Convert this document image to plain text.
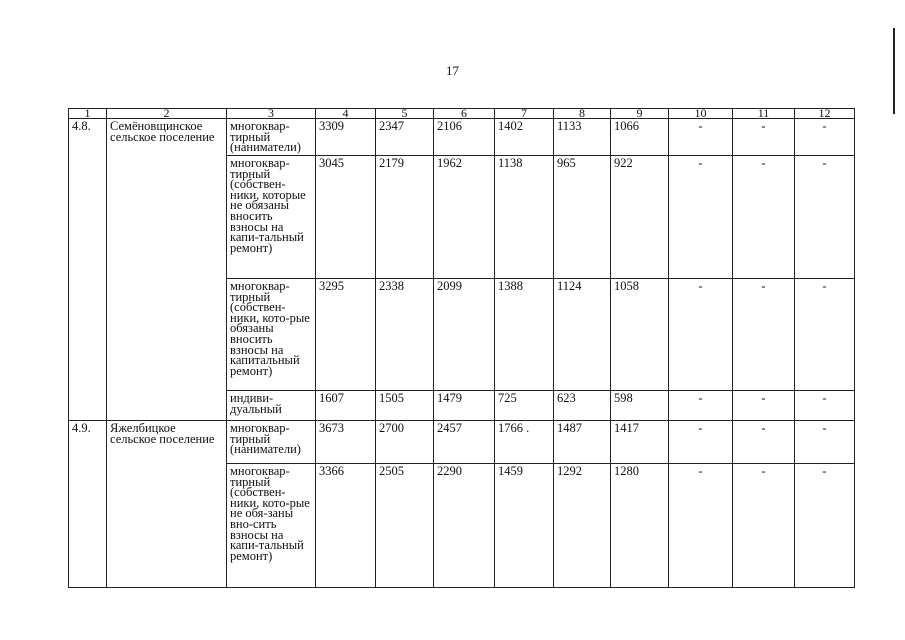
17
1	2	3	4	5	6	7	8	9	10	11	12
4.8.	Семёновщинское сельское поселение	многоквар-тирный (наниматели)	3309	2347	2106	1402	1133	1066	-	-	-
		многоквар-тирный (собствен-ники, которые не обязаны вносить взносы на капи-тальный ремонт)	3045	2179	1962	1138	965	922	-	-	-
		многоквар-тирный (собствен-ники, кото-рые обязаны вносить взносы на капитальный ремонт)	3295	2338	2099	1388	1124	1058	-	-	-
		индиви-дуальный	1607	1505	1479	725	623	598	-	-	-
4.9.	Яжелбицкое сельское поселение	многоквар-тирный (наниматели)	3673	2700	2457	1766 .	1487	1417	-	-	-
		многоквар-тирный (собствен-ники, кото-рые не обя-заны вно-сить взносы на капи-тальный ремонт)	3366	2505	2290	1459	1292	1280	-	-	-
